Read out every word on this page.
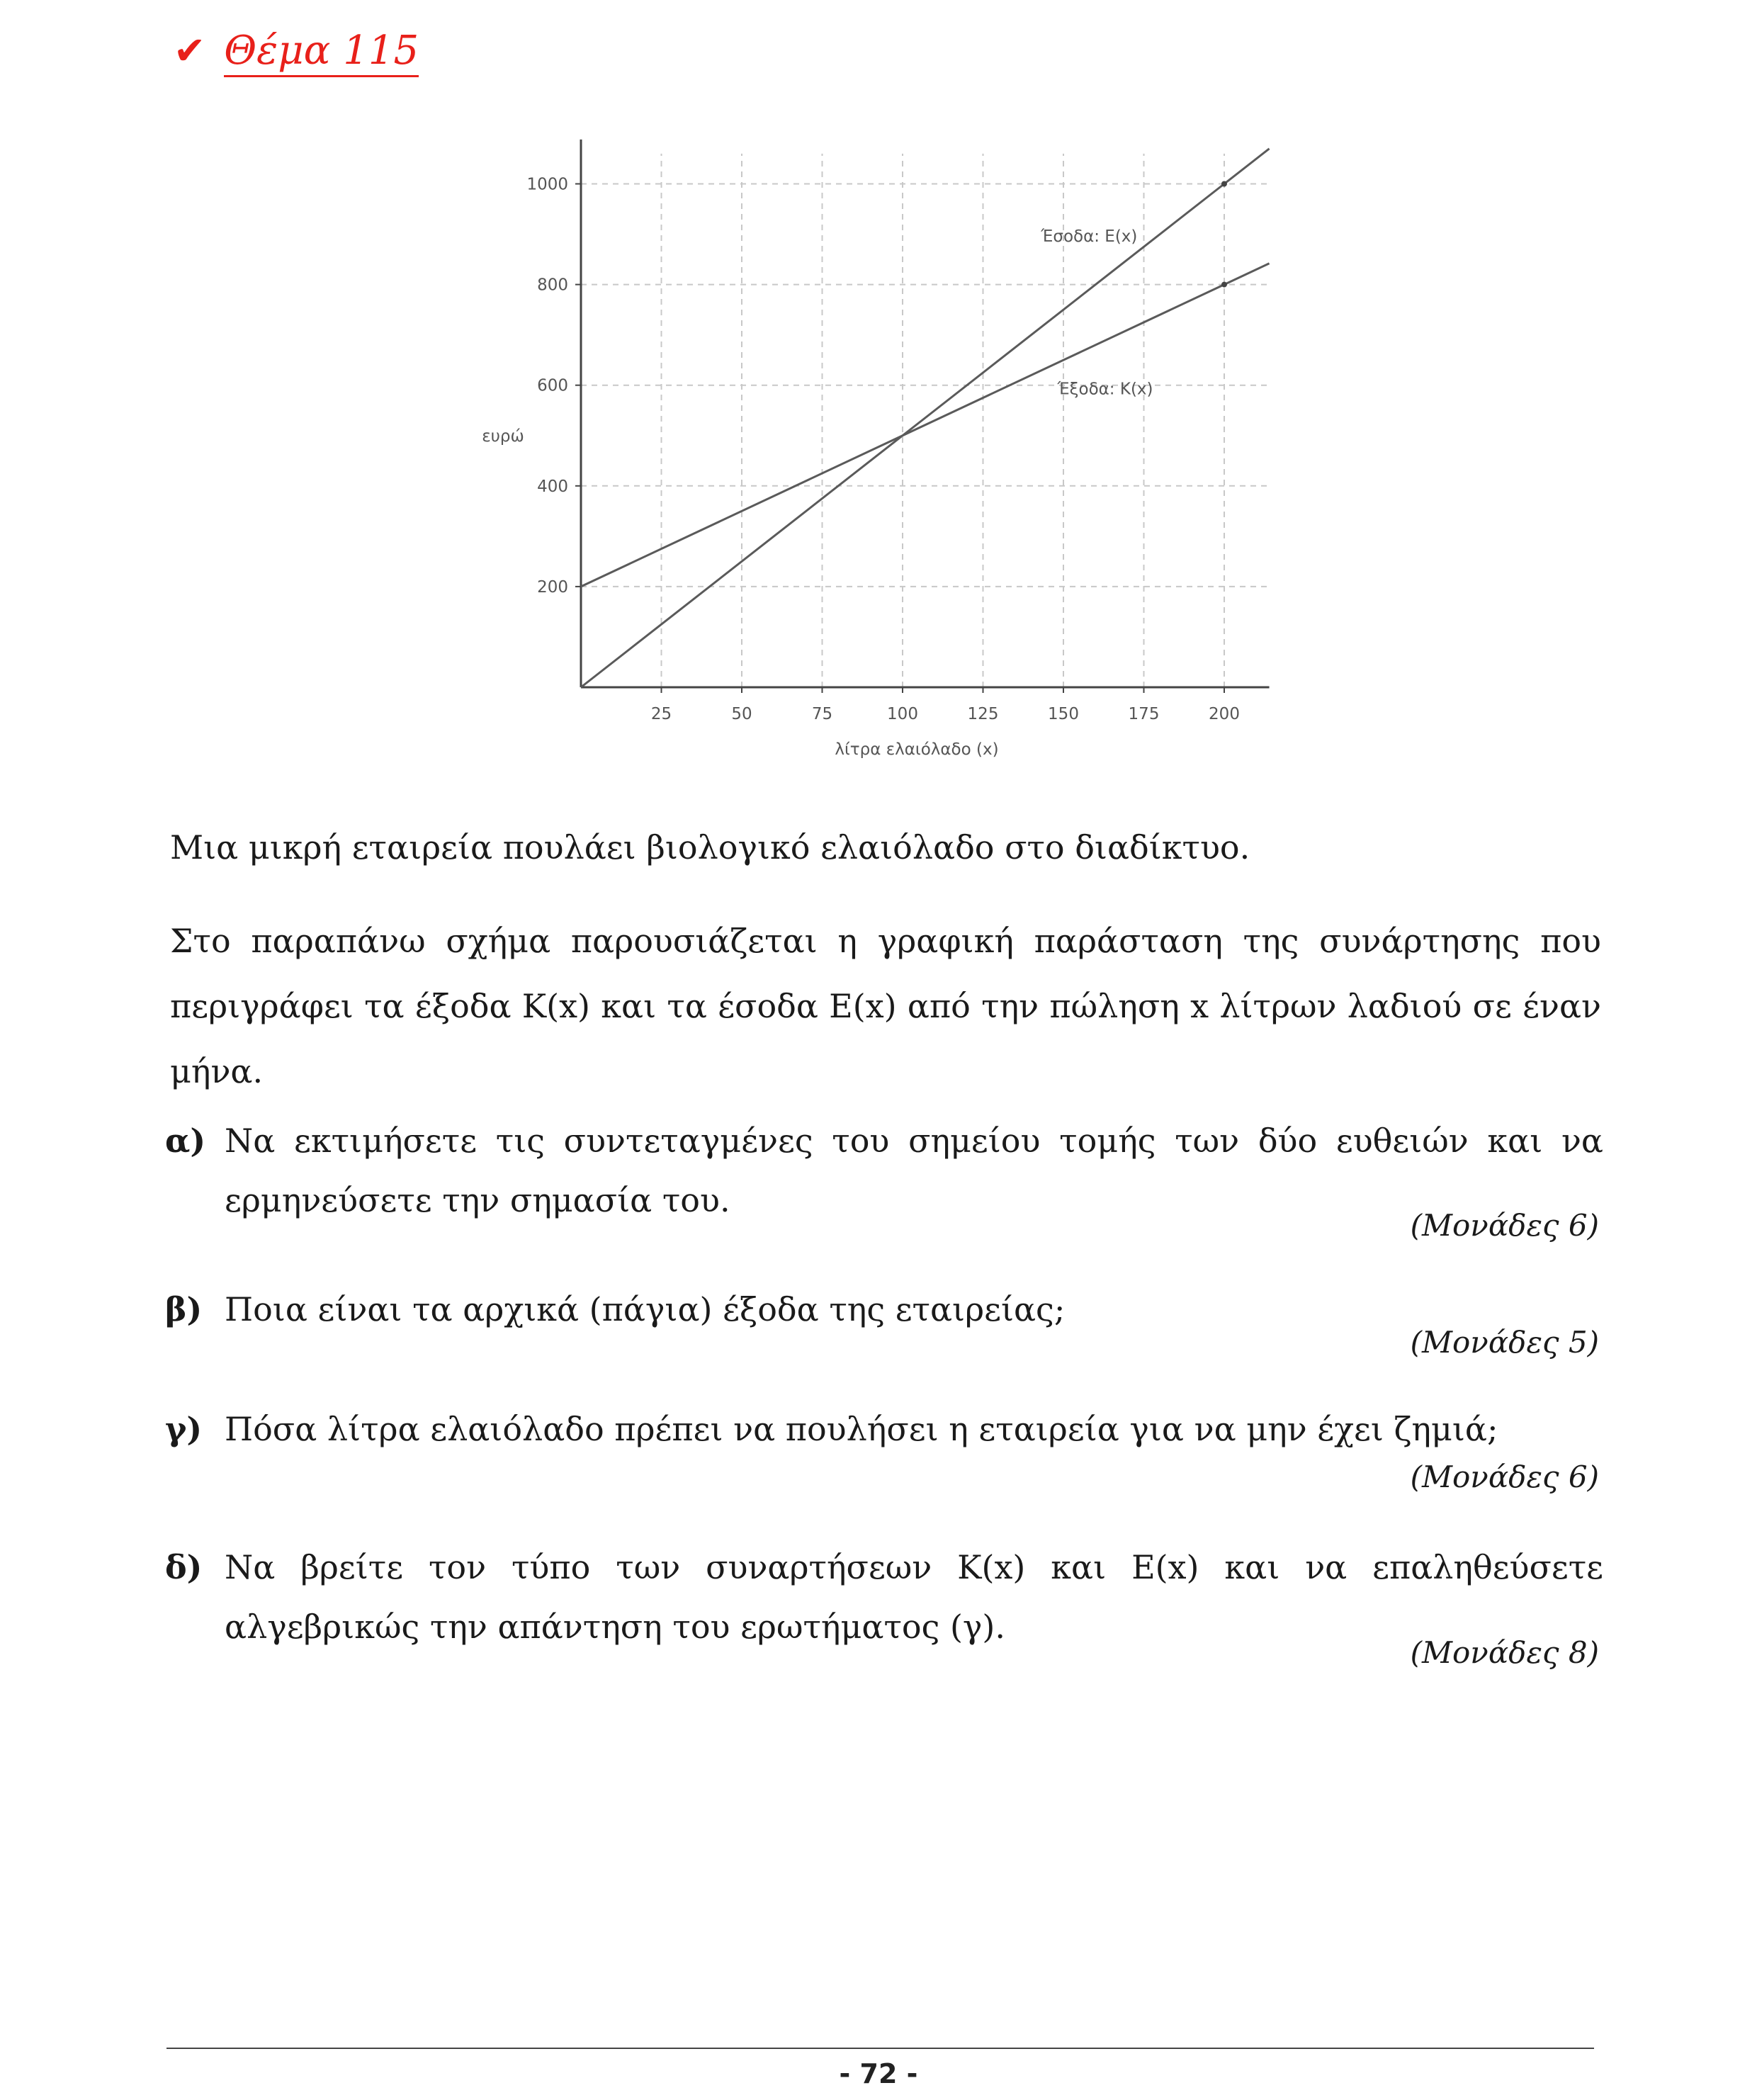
✔ Θέμα 115
25	50	75	100	125	150	175	200
200
400
600
800
1000
λίτρα ελαιόλαδο (x)
ευρώ
Έσοδα: E(x)
Έξοδα: K(x)

Μια μικρή εταιρεία πουλάει βιολογικό ελαιόλαδο στο διαδίκτυο.

Στο παραπάνω σχήμα παρουσιάζεται η γραφική παράσταση της συνάρτησης που περιγράφει τα έξοδα K(x) και τα έσοδα E(x) από την πώληση x λίτρων λαδιού σε έναν μήνα.

α) Να εκτιμήσετε τις συντεταγμένες του σημείου τομής των δύο ευθειών και να ερμηνεύσετε την σημασία του.
(Μονάδες 6)
β) Ποια είναι τα αρχικά (πάγια) έξοδα της εταιρείας;
(Μονάδες 5)
γ) Πόσα λίτρα ελαιόλαδο πρέπει να πουλήσει η εταιρεία για να μην έχει ζημιά;
(Μονάδες 6)
δ) Να βρείτε τον τύπο των συναρτήσεων K(x) και E(x) και να επαληθεύσετε αλγεβρικώς την απάντηση του ερωτήματος (γ).
(Μονάδες 8)
- 72 -
